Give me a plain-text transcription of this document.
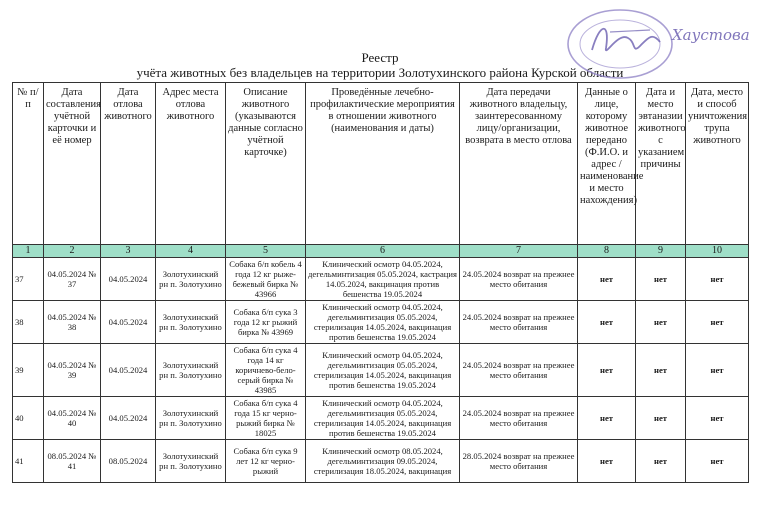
Реестр
учёта животных без владельцев на территории Золотухинского района Курской области
Хаустова
№ п/п	Дата составления учётной карточки и её номер	Дата отлова животного	Адрес места отлова животного	Описание животного (указываются данные согласно учётной карточке)	Проведённые лечебно-профилактические мероприятия в отношении животного (наименования и даты)	Дата передачи животного владельцу, заинтересованному лицу/организации, возврата в место отлова	Данные о лице, которому животное передано (Ф.И.О. и адрес / наименование и место нахождения)	Дата и место эвтаназии животного с указанием причины	Дата, место и способ уничтожения трупа животного
1	2	3	4	5	6	7	8	9	10
37	04.05.2024 № 37	04.05.2024	Золотухинский рн п. Золотухино	Собака б/п кобель 4 года 12 кг рыже-бежевый бирка № 43966	Клинический осмотр 04.05.2024, дегельминтизация 05.05.2024, кастрация 14.05.2024, вакцинация против бешенства 19.05.2024	24.05.2024 возврат на прежнее место обитания	нет	нет	нет
38	04.05.2024 № 38	04.05.2024	Золотухинский рн п. Золотухино	Собака б/п сука 3 года 12 кг рыжий бирка № 43969	Клинический осмотр 04.05.2024, дегельминтизация 05.05.2024, стерилизация 14.05.2024, вакцинация против бешенства 19.05.2024	24.05.2024 возврат на прежнее место обитания	нет	нет	нет
39	04.05.2024 № 39	04.05.2024	Золотухинский рн п. Золотухино	Собака б/п сука 4 года 14 кг коричнево-бело-серый бирка № 43985	Клинический осмотр 04.05.2024, дегельминтизация 05.05.2024, стерилизация 14.05.2024, вакцинация против бешенства 19.05.2024	24.05.2024 возврат на прежнее место обитания	нет	нет	нет
40	04.05.2024 № 40	04.05.2024	Золотухинский рн п. Золотухино	Собака б/п сука 4 года 15 кг черно-рыжий бирка № 18025	Клинический осмотр 04.05.2024, дегельминтизация 05.05.2024, стерилизация 14.05.2024, вакцинация против бешенства 19.05.2024	24.05.2024 возврат на прежнее место обитания	нет	нет	нет
41	08.05.2024 № 41	08.05.2024	Золотухинский рн п. Золотухино	Собака б/п сука 9 лет 12 кг черно-рыжий	Клинический осмотр 08.05.2024, дегельминтизация 09.05.2024, стерилизация 18.05.2024, вакцинация	28.05.2024 возврат на прежнее место обитания	нет	нет	нет
